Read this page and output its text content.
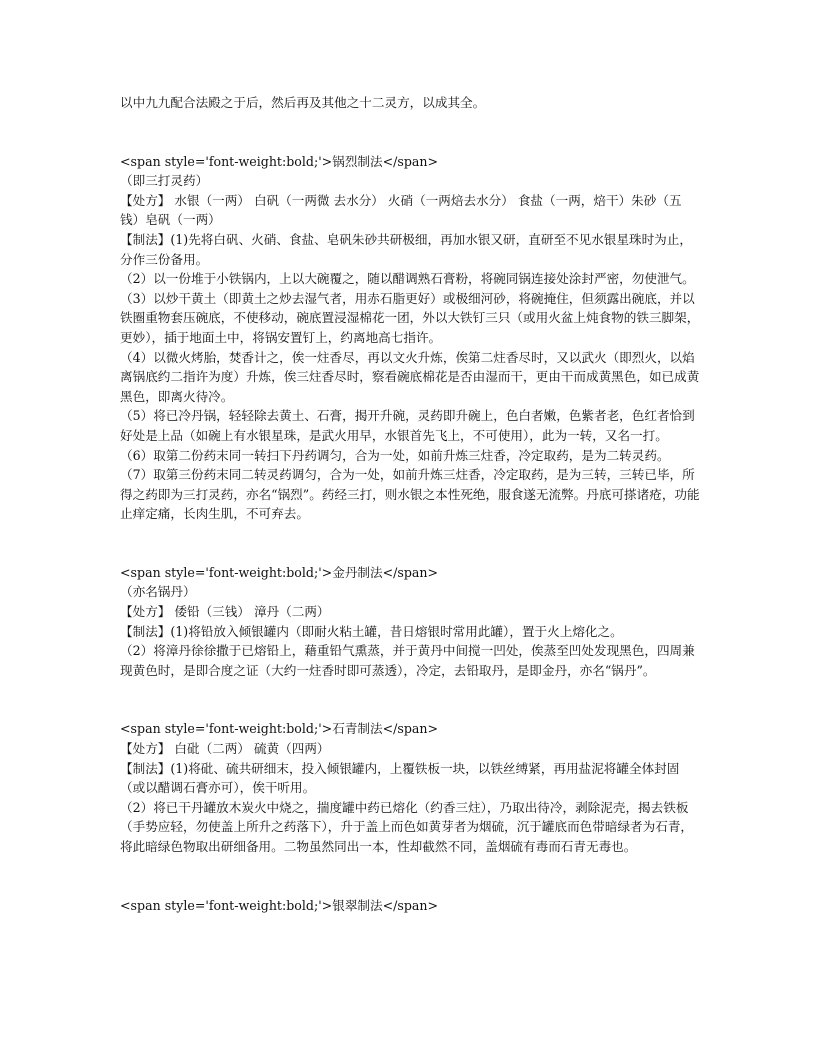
以中九九配合法殿之于后，然后再及其他之十二灵方，以成其全。

<span style='font-weight:bold;'>锅烈制法</span>

（即三打灵药）

【处方】 水银（一两） 白矾（一两微 去水分） 火硝（一两焙去水分） 食盐（一两，焙干）朱砂（五钱）皂矾（一两）

【制法】(1)先将白矾、火硝、食盐、皂矾朱砂共研极细，再加水银又研，直研至不见水银星珠时为止，分作三份备用。

（2）以一份堆于小铁锅内，上以大碗覆之，随以醋调熟石膏粉，将碗同锅连接处涂封严密，勿使泄气。

（3）以炒干黄土（即黄土之炒去湿气者，用赤石脂更好）或极细河砂，将碗掩住，但须露出碗底，并以铁圈重物套压碗底，不使移动，碗底置浸湿棉花一团，外以大铁钉三只（或用火盆上炖食物的铁三脚架，更妙），插于地面土中，将锅安置钉上，约离地高七指许。

（4）以微火烤胎，焚香计之，俟一炷香尽，再以文火升炼，俟第二炷香尽时，又以武火（即烈火，以焰离锅底约二指许为度）升炼，俟三炷香尽时，察看碗底棉花是否由湿而干，更由干而成黄黑色，如已成黄黑色，即离火待冷。

（5）将已冷丹锅，轻轻除去黄土、石膏，揭开升碗，灵药即升碗上，色白者嫩，色紫者老，色红者恰到好处是上品（如碗上有水银星珠，是武火用早，水银首先飞上，不可使用），此为一转，又名一打。

（6）取第二份药末同一转扫下丹药调匀，合为一处，如前升炼三炷香，冷定取药，是为二转灵药。

（7）取第三份药末同二转灵药调匀，合为一处，如前升炼三炷香，冷定取药，是为三转，三转已毕，所得之药即为三打灵药，亦名“锅烈”。药经三打，则水银之本性死绝，服食遂无流弊。丹底可搽诸疮，功能止痒定痛，长肉生肌，不可弃去。

<span style='font-weight:bold;'>金丹制法</span>

（亦名锅丹）

【处方】 倭铅（三钱） 漳丹（二两）

【制法】(1)将铅放入倾银罐内（即耐火粘土罐，昔日熔银时常用此罐），置于火上熔化之。

（2）将漳丹徐徐撒于已熔铅上，藉重铅气熏蒸，并于黄丹中间搅一凹处，俟蒸至凹处发现黑色，四周兼现黄色时，是即合度之证（大约一炷香时即可蒸透），冷定，去铅取丹，是即金丹，亦名“锅丹”。

<span style='font-weight:bold;'>石青制法</span>

【处方】 白砒（二两） 硫黄（四两）

【制法】(1)将砒、硫共研细末，投入倾银罐内，上覆铁板一块，以铁丝缚紧，再用盐泥将罐全体封固（或以醋调石膏亦可），俟干听用。

（2）将已干丹罐放木炭火中烧之，揣度罐中药已熔化（约香三炷），乃取出待冷，剥除泥壳，揭去铁板（手势应轻，勿使盖上所升之药落下），升于盖上而色如黄芽者为烟硫，沉于罐底而色带暗绿者为石青，将此暗绿色物取出研细备用。二物虽然同出一本，性却截然不同，盖烟硫有毒而石青无毒也。

<span style='font-weight:bold;'>银翠制法</span>
